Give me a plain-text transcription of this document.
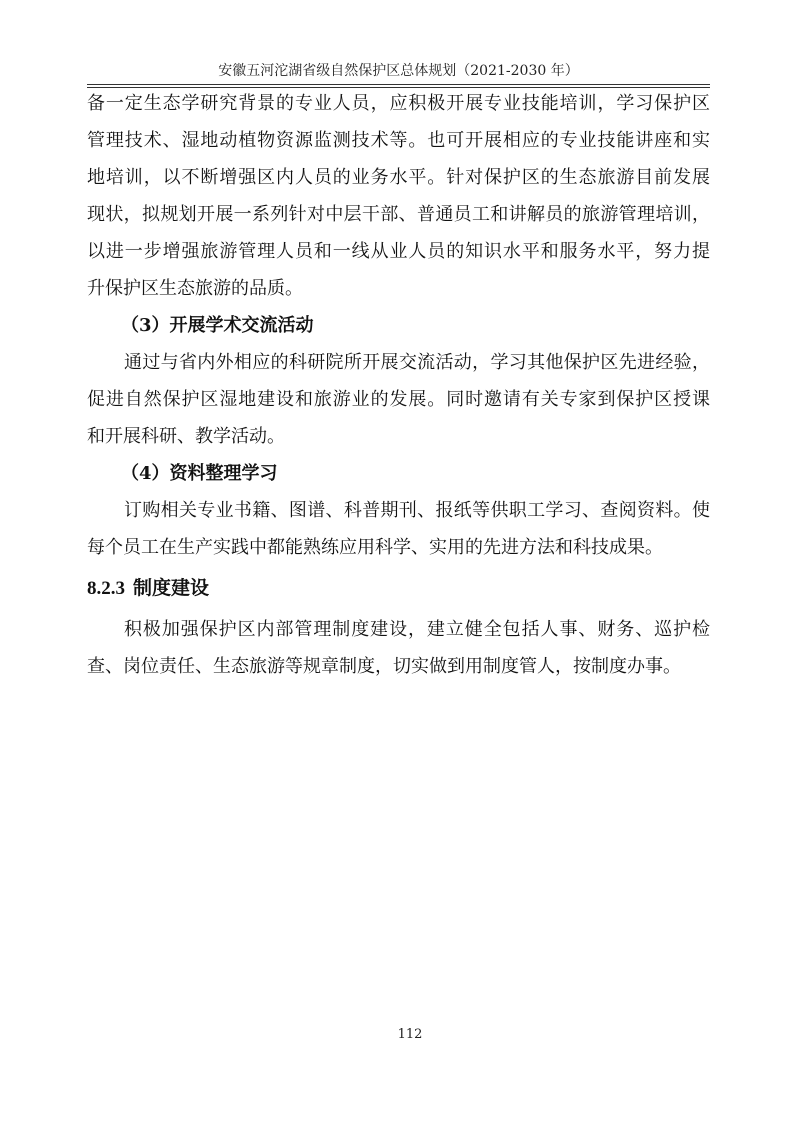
安徽五河沱湖省级自然保护区总体规划（2021-2030 年）
备一定生态学研究背景的专业人员，应积极开展专业技能培训，学习保护区
管理技术、湿地动植物资源监测技术等。也可开展相应的专业技能讲座和实
地培训，以不断增强区内人员的业务水平。针对保护区的生态旅游目前发展
现状，拟规划开展一系列针对中层干部、普通员工和讲解员的旅游管理培训，
以进一步增强旅游管理人员和一线从业人员的知识水平和服务水平，努力提
升保护区生态旅游的品质。
（3）开展学术交流活动
通过与省内外相应的科研院所开展交流活动，学习其他保护区先进经验，
促进自然保护区湿地建设和旅游业的发展。同时邀请有关专家到保护区授课
和开展科研、教学活动。
（4）资料整理学习
订购相关专业书籍、图谱、科普期刊、报纸等供职工学习、查阅资料。使
每个员工在生产实践中都能熟练应用科学、实用的先进方法和科技成果。
8.2.3 制度建设
积极加强保护区内部管理制度建设，建立健全包括人事、财务、巡护检
查、岗位责任、生态旅游等规章制度，切实做到用制度管人，按制度办事。
112
